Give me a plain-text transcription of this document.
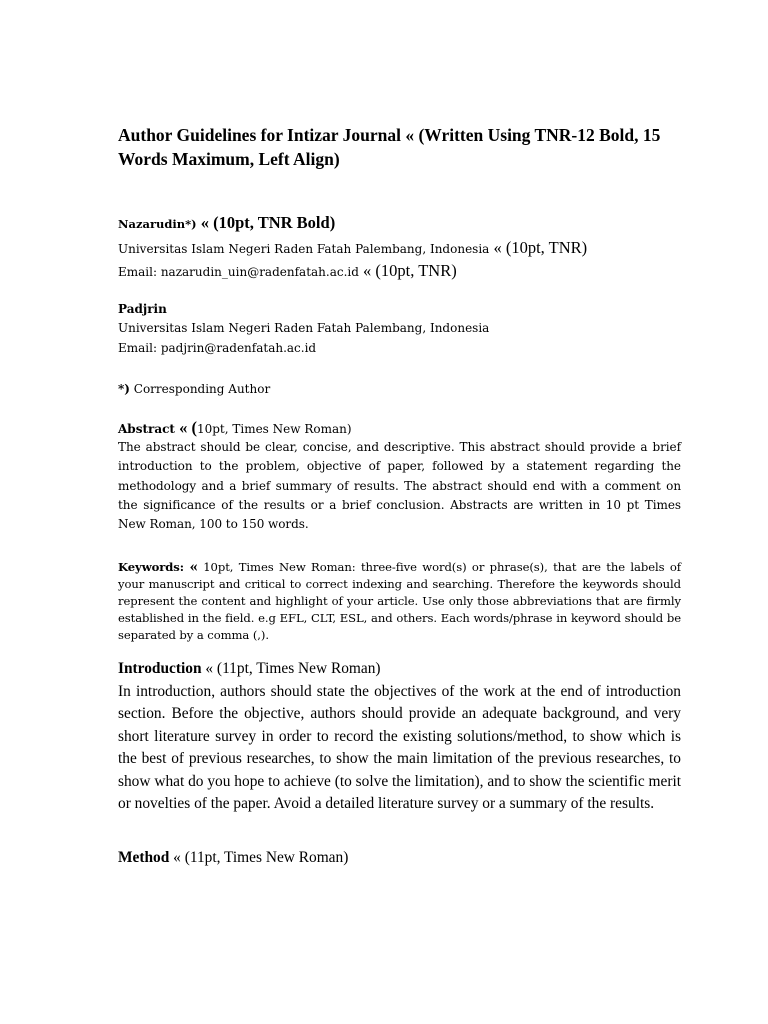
Author Guidelines for Intizar Journal « (Written Using TNR-12 Bold, 15 Words Maximum, Left Align)
Nazarudin*) « (10pt, TNR Bold)
Universitas Islam Negeri Raden Fatah Palembang, Indonesia « (10pt, TNR)
Email: nazarudin_uin@radenfatah.ac.id « (10pt, TNR)
Padjrin
Universitas Islam Negeri Raden Fatah Palembang, Indonesia
Email: padjrin@radenfatah.ac.id
*) Corresponding Author
Abstract « (10pt, Times New Roman)
The abstract should be clear, concise, and descriptive. This abstract should provide a brief introduction to the problem, objective of paper, followed by a statement regarding the methodology and a brief summary of results. The abstract should end with a comment on the significance of the results or a brief conclusion. Abstracts are written in 10 pt Times New Roman, 100 to 150 words.
Keywords: « 10pt, Times New Roman: three-five word(s) or phrase(s), that are the labels of your manuscript and critical to correct indexing and searching. Therefore the keywords should represent the content and highlight of your article. Use only those abbreviations that are firmly established in the field. e.g EFL, CLT, ESL, and others. Each words/phrase in keyword should be separated by a comma (,).
Introduction « (11pt, Times New Roman)
In introduction, authors should state the objectives of the work at the end of introduction section. Before the objective, authors should provide an adequate background, and very short literature survey in order to record the existing solutions/method, to show which is the best of previous researches, to show the main limitation of the previous researches, to show what do you hope to achieve (to solve the limitation), and to show the scientific merit or novelties of the paper. Avoid a detailed literature survey or a summary of the results.
Method « (11pt, Times New Roman)
